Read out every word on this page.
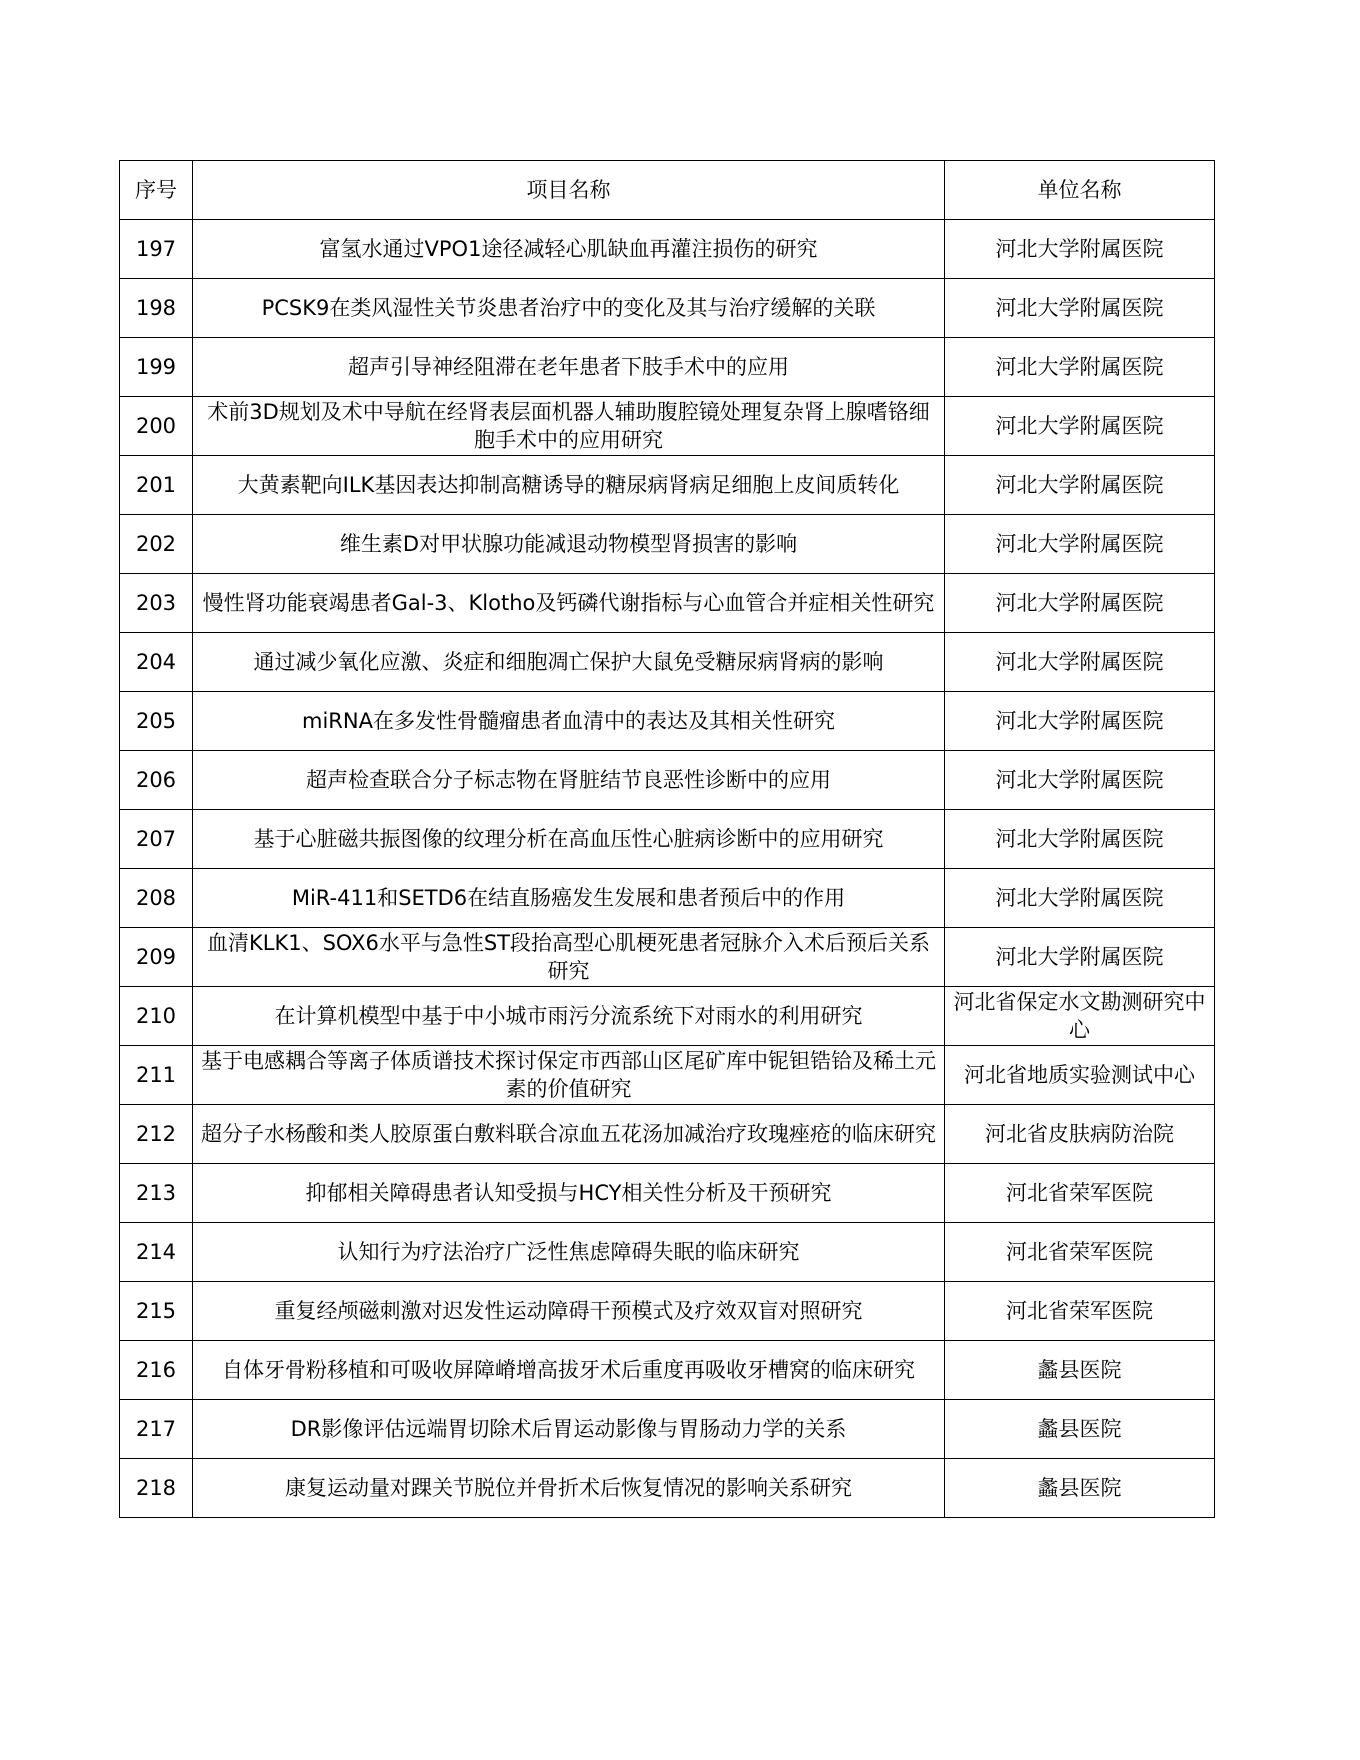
序号	项目名称	单位名称
197	富氢水通过VPO1途径减轻心肌缺血再灌注损伤的研究	河北大学附属医院
198	PCSK9在类风湿性关节炎患者治疗中的变化及其与治疗缓解的关联	河北大学附属医院
199	超声引导神经阻滞在老年患者下肢手术中的应用	河北大学附属医院
200	术前3D规划及术中导航在经肾表层面机器人辅助腹腔镜处理复杂肾上腺嗜铬细胞手术中的应用研究	河北大学附属医院
201	大黄素靶向ILK基因表达抑制高糖诱导的糖尿病肾病足细胞上皮间质转化	河北大学附属医院
202	维生素D对甲状腺功能减退动物模型肾损害的影响	河北大学附属医院
203	慢性肾功能衰竭患者Gal-3、Klotho及钙磷代谢指标与心血管合并症相关性研究	河北大学附属医院
204	通过减少氧化应激、炎症和细胞凋亡保护大鼠免受糖尿病肾病的影响	河北大学附属医院
205	miRNA在多发性骨髓瘤患者血清中的表达及其相关性研究	河北大学附属医院
206	超声检查联合分子标志物在肾脏结节良恶性诊断中的应用	河北大学附属医院
207	基于心脏磁共振图像的纹理分析在高血压性心脏病诊断中的应用研究	河北大学附属医院
208	MiR-411和SETD6在结直肠癌发生发展和患者预后中的作用	河北大学附属医院
209	血清KLK1、SOX6水平与急性ST段抬高型心肌梗死患者冠脉介入术后预后关系研究	河北大学附属医院
210	在计算机模型中基于中小城市雨污分流系统下对雨水的利用研究	河北省保定水文勘测研究中心
211	基于电感耦合等离子体质谱技术探讨保定市西部山区尾矿库中铌钽锆铪及稀土元素的价值研究	河北省地质实验测试中心
212	超分子水杨酸和类人胶原蛋白敷料联合凉血五花汤加减治疗玫瑰痤疮的临床研究	河北省皮肤病防治院
213	抑郁相关障碍患者认知受损与HCY相关性分析及干预研究	河北省荣军医院
214	认知行为疗法治疗广泛性焦虑障碍失眠的临床研究	河北省荣军医院
215	重复经颅磁刺激对迟发性运动障碍干预模式及疗效双盲对照研究	河北省荣军医院
216	自体牙骨粉移植和可吸收屏障嵴增高拔牙术后重度再吸收牙槽窝的临床研究	蠡县医院
217	DR影像评估远端胃切除术后胃运动影像与胃肠动力学的关系	蠡县医院
218	康复运动量对踝关节脱位并骨折术后恢复情况的影响关系研究	蠡县医院
